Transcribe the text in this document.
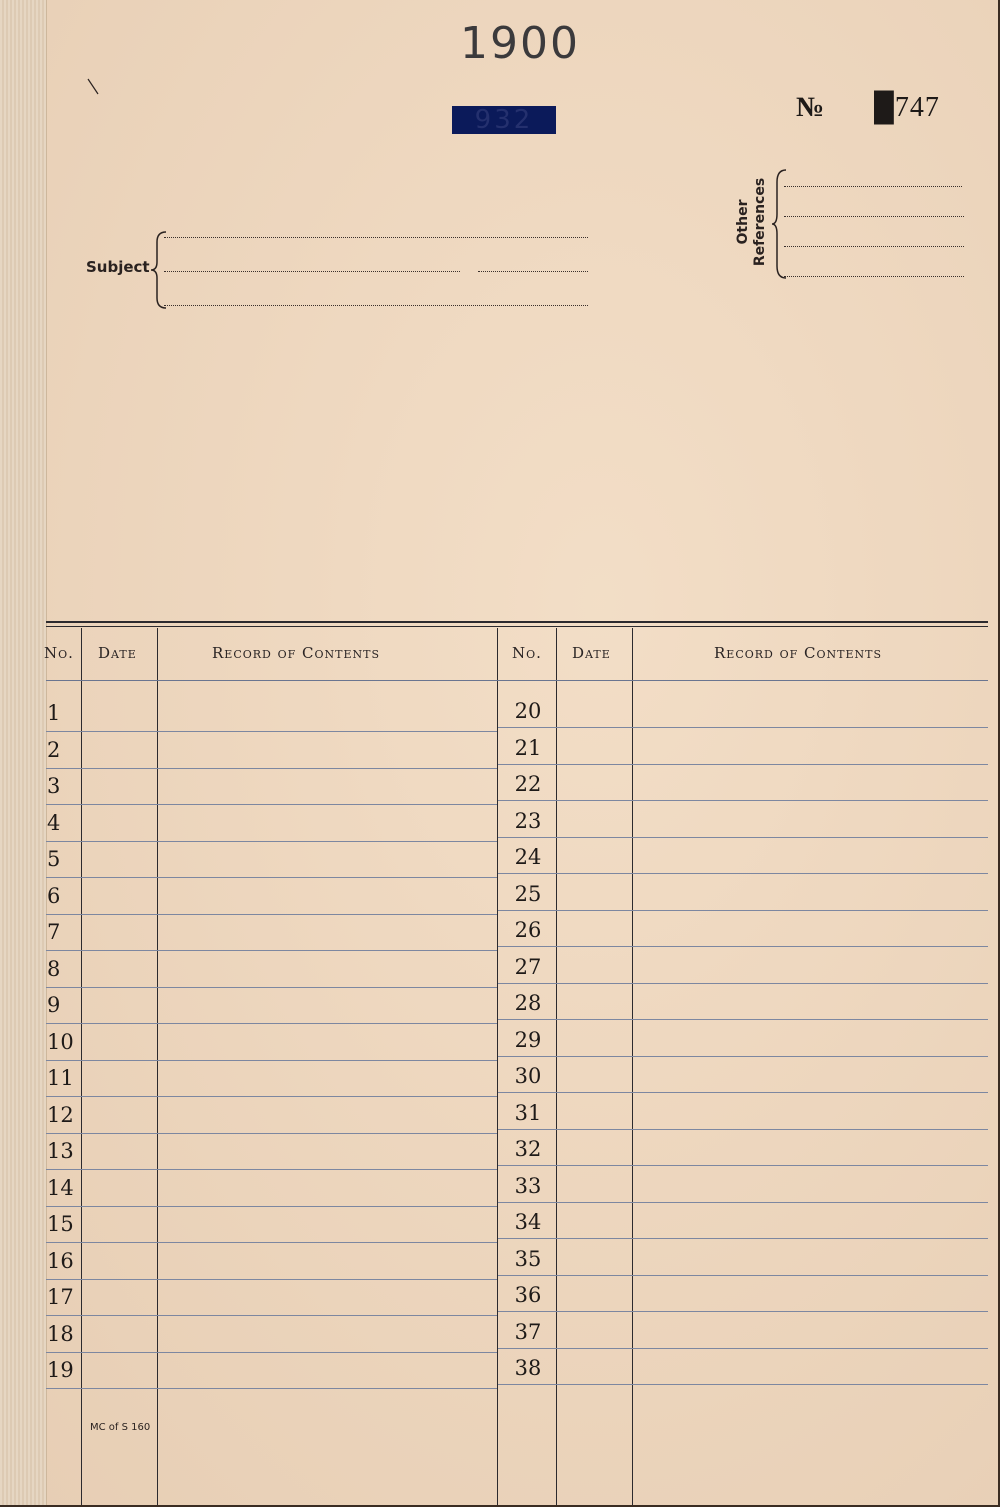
1900
932	№ █747
Other References
Subject
No. Date	Record of Contents	No. Date	Record of Contents
1	20
2	21
3	22
4	23
5	24
6	25
7	26
8	27
9	28
10	29
11	30
12	31
13	32
14	33
15	34
16	35
17	36
18	37
19	38
MC of S 160
